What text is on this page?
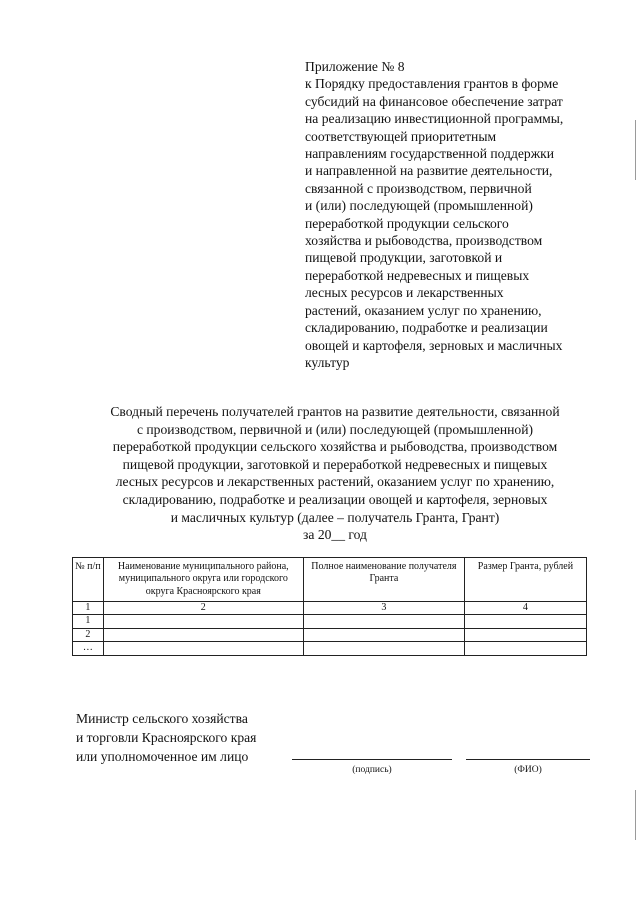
Приложение № 8
к Порядку предоставления грантов в форме
субсидий на финансовое обеспечение затрат
на реализацию инвестиционной программы,
соответствующей приоритетным
направлениям государственной поддержки
и направленной на развитие деятельности,
связанной с производством, первичной
и (или) последующей (промышленной)
переработкой продукции сельского
хозяйства и рыбоводства, производством
пищевой продукции, заготовкой и
переработкой недревесных и пищевых
лесных ресурсов и лекарственных
растений, оказанием услуг по хранению,
складированию, подработке и реализации
овощей и картофеля, зерновых и масличных
культур
Сводный перечень получателей грантов на развитие деятельности, связанной
с производством, первичной и (или) последующей (промышленной)
переработкой продукции сельского хозяйства и рыбоводства, производством
пищевой продукции, заготовкой и переработкой недревесных и пищевых
лесных ресурсов и лекарственных растений, оказанием услуг по хранению,
складированию, подработке и реализации овощей и картофеля, зерновых
и масличных культур (далее – получатель Гранта, Грант)
за 20__ год
№ п/п	Наименование муниципального района, муниципального округа или городского округа Красноярского края	Полное наименование получателя Гранта	Размер Гранта, рублей
1	2	3	4
1			
2			
…			
Министр сельского хозяйства
и торговли Красноярского края
или уполномоченное им лицо
(подпись)	(ФИО)
